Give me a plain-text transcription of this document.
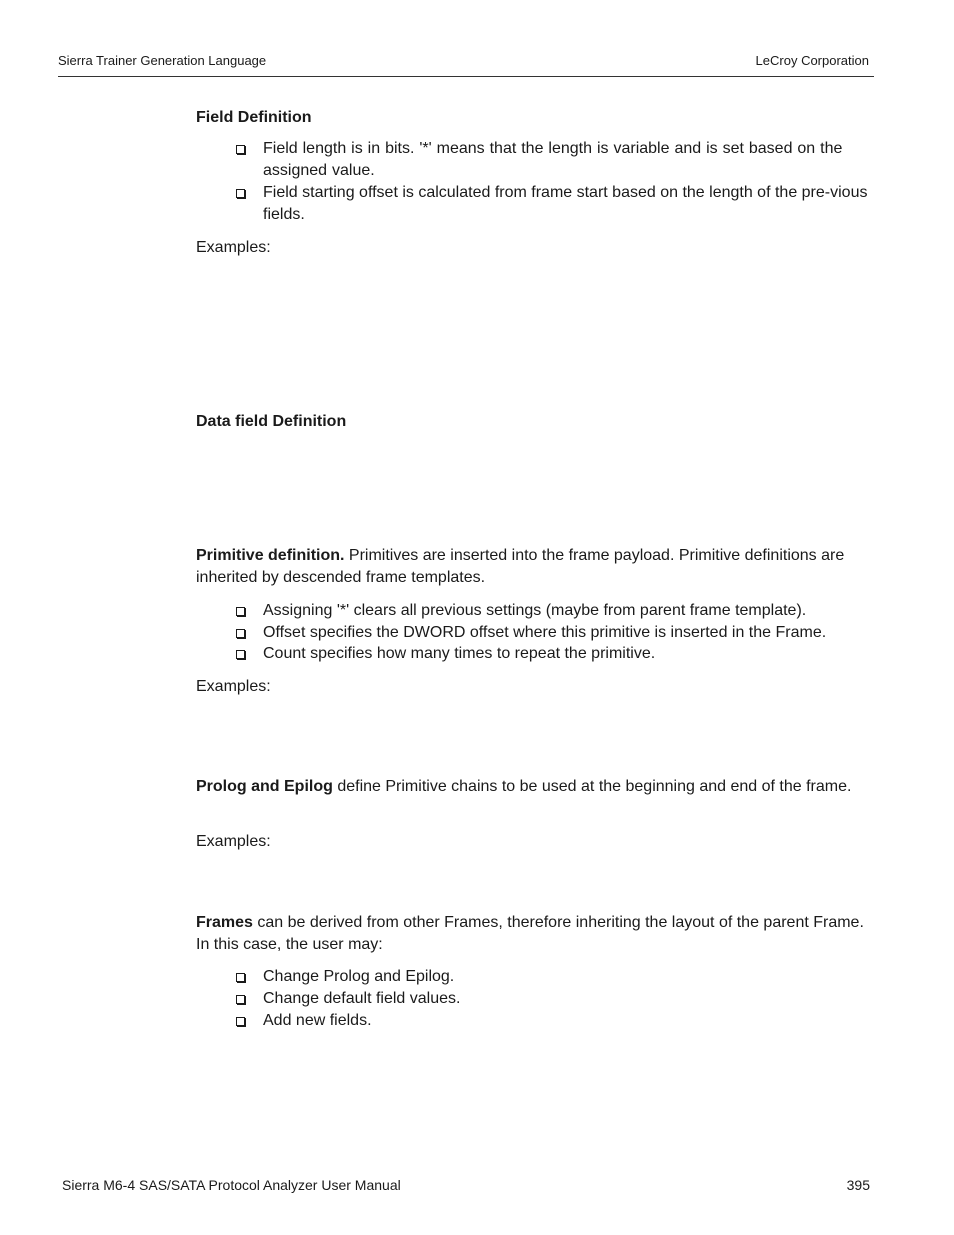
Sierra Trainer Generation Language	LeCroy Corporation
Field Definition
Field length is in bits. '*' means that the length is variable and is set based on the assigned value.
Field starting offset is calculated from frame start based on the length of the pre-vious fields.
Examples:
Data field Definition
Primitive definition. Primitives are inserted into the frame payload. Primitive definitions are inherited by descended frame templates.
Assigning '*' clears all previous settings (maybe from parent frame template).
Offset specifies the DWORD offset where this primitive is inserted in the Frame.
Count specifies how many times to repeat the primitive.
Examples:
Prolog and Epilog define Primitive chains to be used at the beginning and end of the frame.
Examples:
Frames can be derived from other Frames, therefore inheriting the layout of the parent Frame. In this case, the user may:
Change Prolog and Epilog.
Change default field values.
Add new fields.
Sierra M6-4 SAS/SATA Protocol Analyzer User Manual	395
